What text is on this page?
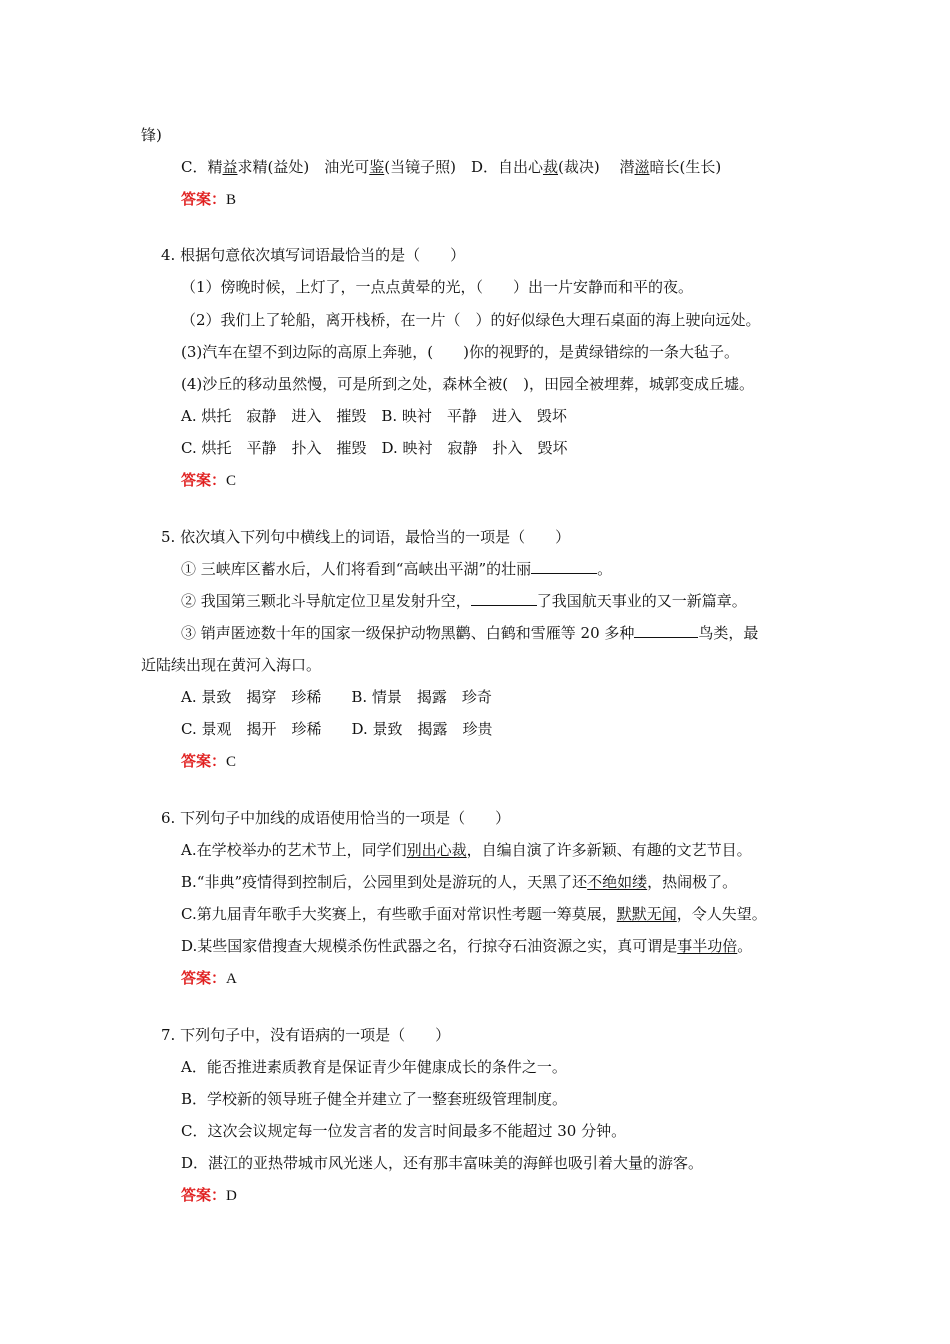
锋)
C．精益求精(益处)　油光可鉴(当镜子照)　D．自出心裁(裁决)　 潜滋暗长(生长)
答案：B
4. 根据句意依次填写词语最恰当的是（　　）
（1）傍晚时候，上灯了，一点点黄晕的光，（　　）出一片安静而和平的夜。
（2）我们上了轮船，离开栈桥，在一片（　）的好似绿色大理石桌面的海上驶向远处。
(3)汽车在望不到边际的高原上奔驰，(　　)你的视野的，是黄绿错综的一条大毡子。
(4)沙丘的移动虽然慢，可是所到之处，森林全被(　)，田园全被埋葬，城郭变成丘墟。
A. 烘托　寂静　进入　摧毁　B. 映衬　平静　进入　毁坏
C. 烘托　平静　扑入　摧毁　D. 映衬　寂静　扑入　毁坏
答案：C
5. 依次填入下列句中横线上的词语，最恰当的一项是（　　）
① 三峡库区蓄水后，人们将看到“高峡出平湖”的壮丽	。
② 我国第三颗北斗导航定位卫星发射升空，	了我国航天事业的又一新篇章。
③ 销声匿迹数十年的国家一级保护动物黑鹳、白鹤和雪雁等 20 多种	鸟类，最
近陆续出现在黄河入海口。
A. 景致　揭穿　珍稀　　B. 情景　揭露　珍奇
C. 景观　揭开　珍稀　　D. 景致　揭露　珍贵
答案：C
6. 下列句子中加线的成语使用恰当的一项是（　　）
A.在学校举办的艺术节上，同学们别出心裁，自编自演了许多新颖、有趣的文艺节目。
B.“非典”疫情得到控制后，公园里到处是游玩的人，天黑了还不绝如缕，热闹极了。
C.第九届青年歌手大奖赛上，有些歌手面对常识性考题一筹莫展，默默无闻，令人失望。
D.某些国家借搜查大规模杀伤性武器之名，行掠夺石油资源之实，真可谓是事半功倍。
答案：A
7. 下列句子中，没有语病的一项是（　　）
A．能否推进素质教育是保证青少年健康成长的条件之一。
B．学校新的领导班子健全并建立了一整套班级管理制度。
C．这次会议规定每一位发言者的发言时间最多不能超过 30 分钟。
D．湛江的亚热带城市风光迷人，还有那丰富味美的海鲜也吸引着大量的游客。
答案：D
